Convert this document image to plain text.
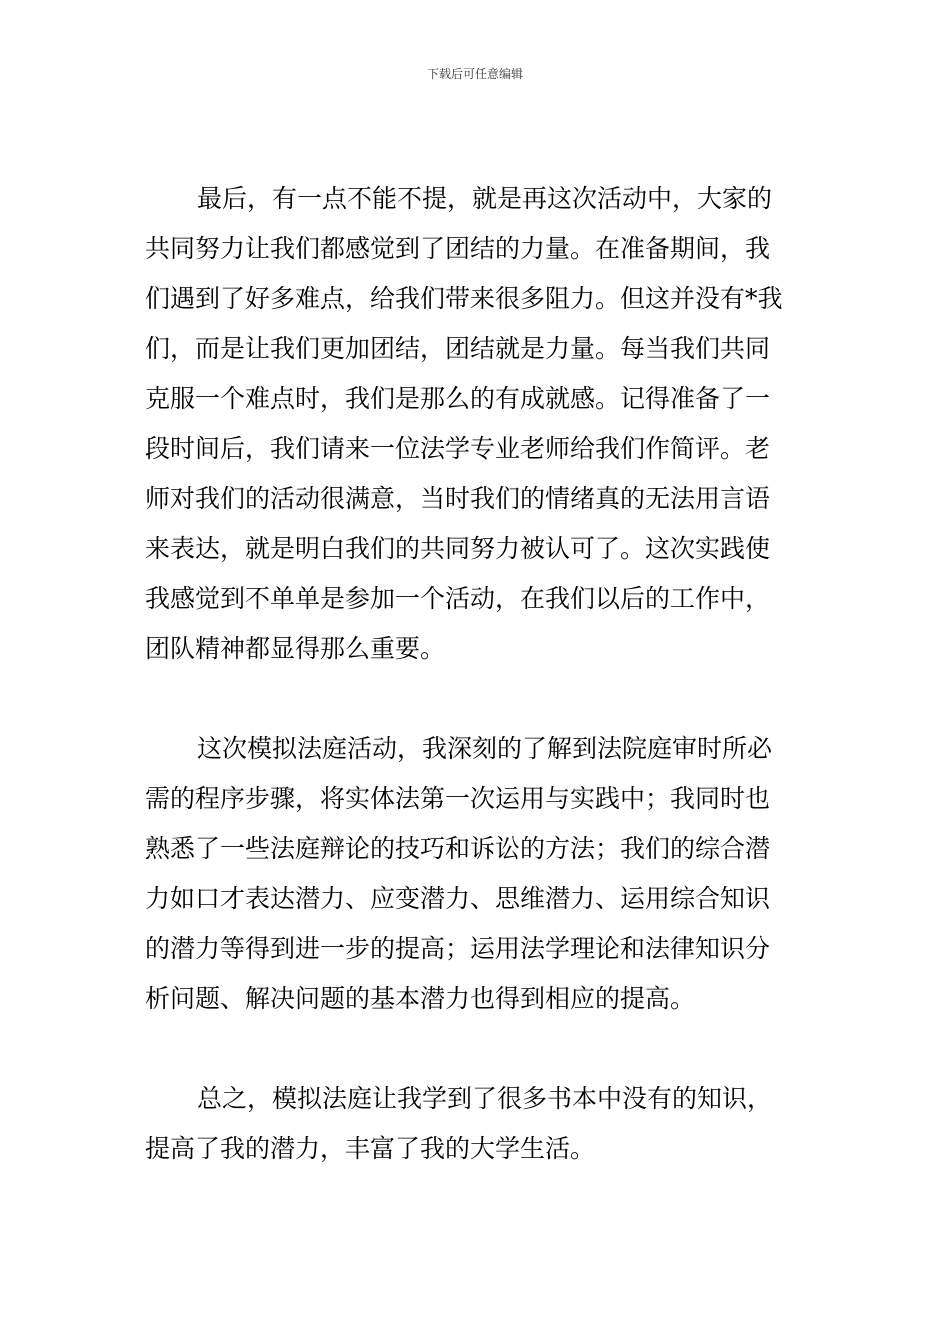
下载后可任意编辑
最后，有一点不能不提，就是再这次活动中，大家的
共同努力让我们都感觉到了团结的力量。在准备期间，我
们遇到了好多难点，给我们带来很多阻力。但这并没有*我
们，而是让我们更加团结，团结就是力量。每当我们共同
克服一个难点时，我们是那么的有成就感。记得准备了一
段时间后，我们请来一位法学专业老师给我们作简评。老
师对我们的活动很满意，当时我们的情绪真的无法用言语
来表达，就是明白我们的共同努力被认可了。这次实践使
我感觉到不单单是参加一个活动，在我们以后的工作中，
团队精神都显得那么重要。
这次模拟法庭活动，我深刻的了解到法院庭审时所必
需的程序步骤，将实体法第一次运用与实践中；我同时也
熟悉了一些法庭辩论的技巧和诉讼的方法；我们的综合潜
力如口才表达潜力、应变潜力、思维潜力、运用综合知识
的潜力等得到进一步的提高；运用法学理论和法律知识分
析问题、解决问题的基本潜力也得到相应的提高。
总之，模拟法庭让我学到了很多书本中没有的知识，
提高了我的潜力，丰富了我的大学生活。
